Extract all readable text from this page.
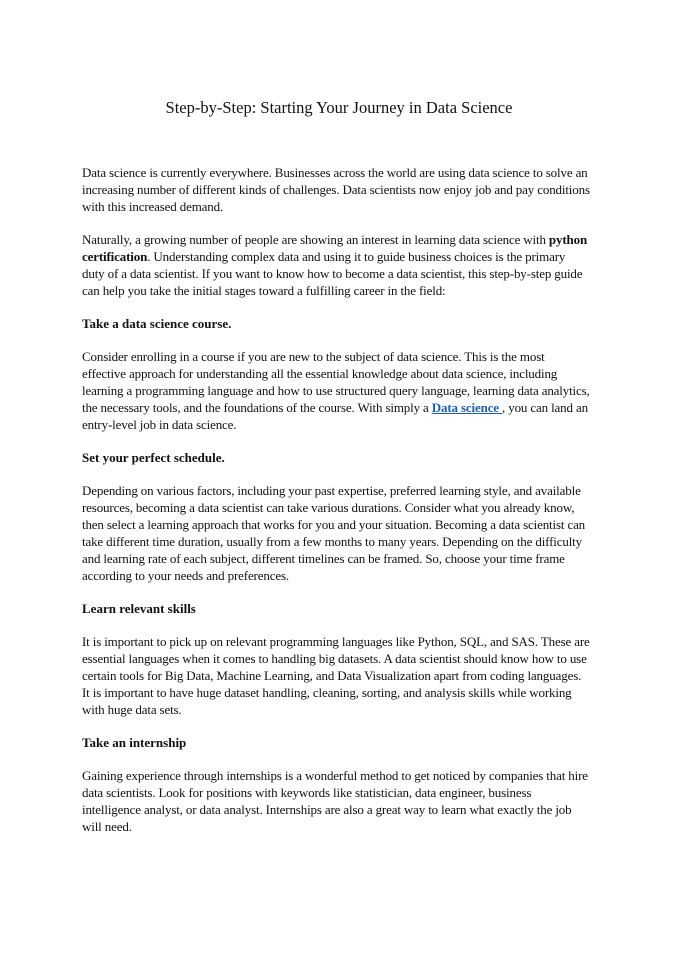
Step-by-Step: Starting Your Journey in Data Science

Data science is currently everywhere. Businesses across the world are using data science to solve an increasing number of different kinds of challenges. Data scientists now enjoy job and pay conditions with this increased demand.

Naturally, a growing number of people are showing an interest in learning data science with python certification. Understanding complex data and using it to guide business choices is the primary duty of a data scientist. If you want to know how to become a data scientist, this step-by-step guide can help you take the initial stages toward a fulfilling career in the field:

Take a data science course.

Consider enrolling in a course if you are new to the subject of data science. This is the most effective approach for understanding all the essential knowledge about data science, including learning a programming language and how to use structured query language, learning data analytics, the necessary tools, and the foundations of the course. With simply a Data science , you can land an entry-level job in data science.

Set your perfect schedule.

Depending on various factors, including your past expertise, preferred learning style, and available resources, becoming a data scientist can take various durations. Consider what you already know, then select a learning approach that works for you and your situation. Becoming a data scientist can take different time duration, usually from a few months to many years. Depending on the difficulty and learning rate of each subject, different timelines can be framed. So, choose your time frame according to your needs and preferences.

Learn relevant skills

It is important to pick up on relevant programming languages like Python, SQL, and SAS. These are essential languages when it comes to handling big datasets. A data scientist should know how to use certain tools for Big Data, Machine Learning, and Data Visualization apart from coding languages. It is important to have huge dataset handling, cleaning, sorting, and analysis skills while working with huge data sets.

Take an internship

Gaining experience through internships is a wonderful method to get noticed by companies that hire data scientists. Look for positions with keywords like statistician, data engineer, business intelligence analyst, or data analyst. Internships are also a great way to learn what exactly the job will need.
